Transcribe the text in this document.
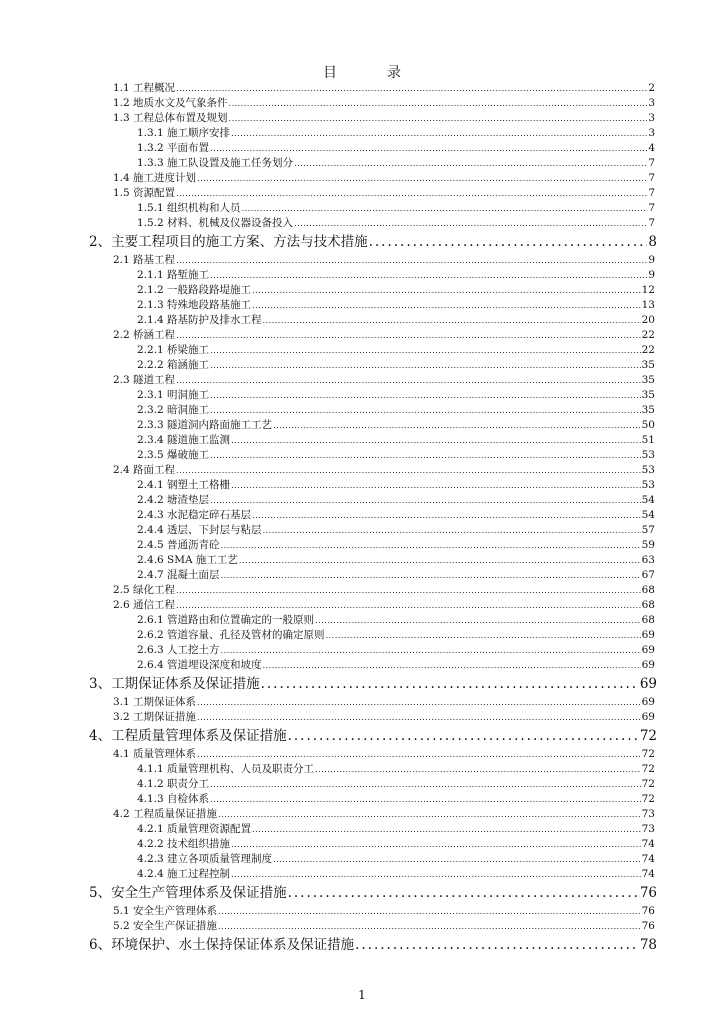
目　录
1.1 工程概况 .....	2
1.2 地质水文及气象条件 .....	3
1.3 工程总体布置及规划 .....	3
1.3.1 施工顺序安排 .....	3
1.3.2 平面布置 .....	4
1.3.3 施工队设置及施工任务划分 .....	7
1.4 施工进度计划 .....	7
1.5 资源配置 .....	7
1.5.1 组织机构和人员 .....	7
1.5.2 材料、机械及仪器设备投入 .....	7
2、主要工程项目的施工方案、方法与技术措施 .....	8
2.1 路基工程 .....	9
2.1.1 路堑施工 .....	9
2.1.2 一般路段路堤施工 .....	12
2.1.3 特殊地段路基施工 .....	13
2.1.4 路基防护及排水工程 .....	20
2.2 桥涵工程 .....	22
2.2.1 桥梁施工 .....	22
2.2.2 箱涵施工 .....	35
2.3 隧道工程 .....	35
2.3.1 明洞施工 .....	35
2.3.2 暗洞施工 .....	35
2.3.3 隧道洞内路面施工工艺 .....	50
2.3.4 隧道施工监测 .....	51
2.3.5 爆破施工 .....	53
2.4 路面工程 .....	53
2.4.1 钢塑土工格栅 .....	53
2.4.2 塘渣垫层 .....	54
2.4.3 水泥稳定碎石基层 .....	54
2.4.4 透层、下封层与粘层 .....	57
2.4.5 普通沥青砼 .....	59
2.4.6 SMA 施工工艺 .....	63
2.4.7 混凝土面层 .....	67
2.5 绿化工程 .....	68
2.6 通信工程 .....	68
2.6.1 管道路由和位置确定的一般原则 .....	68
2.6.2 管道容量、孔径及管材的确定原则 .....	69
2.6.3 人工挖土方 .....	69
2.6.4 管道埋设深度和坡度 .....	69
3、工期保证体系及保证措施 .....	69
3.1 工期保证体系 .....	69
3.2 工期保证措施 .....	69
4、工程质量管理体系及保证措施 .....	72
4.1 质量管理体系 .....	72
4.1.1 质量管理机构、人员及职责分工 .....	72
4.1.2 职责分工 .....	72
4.1.3 自检体系 .....	72
4.2 工程质量保证措施 .....	73
4.2.1 质量管理资源配置 .....	73
4.2.2 技术组织措施 .....	74
4.2.3 建立各项质量管理制度 .....	74
4.2.4 施工过程控制 .....	74
5、安全生产管理体系及保证措施 .....	76
5.1 安全生产管理体系 .....	76
5.2 安全生产保证措施 .....	76
6、环境保护、水土保持保证体系及保证措施 .....	78
1
